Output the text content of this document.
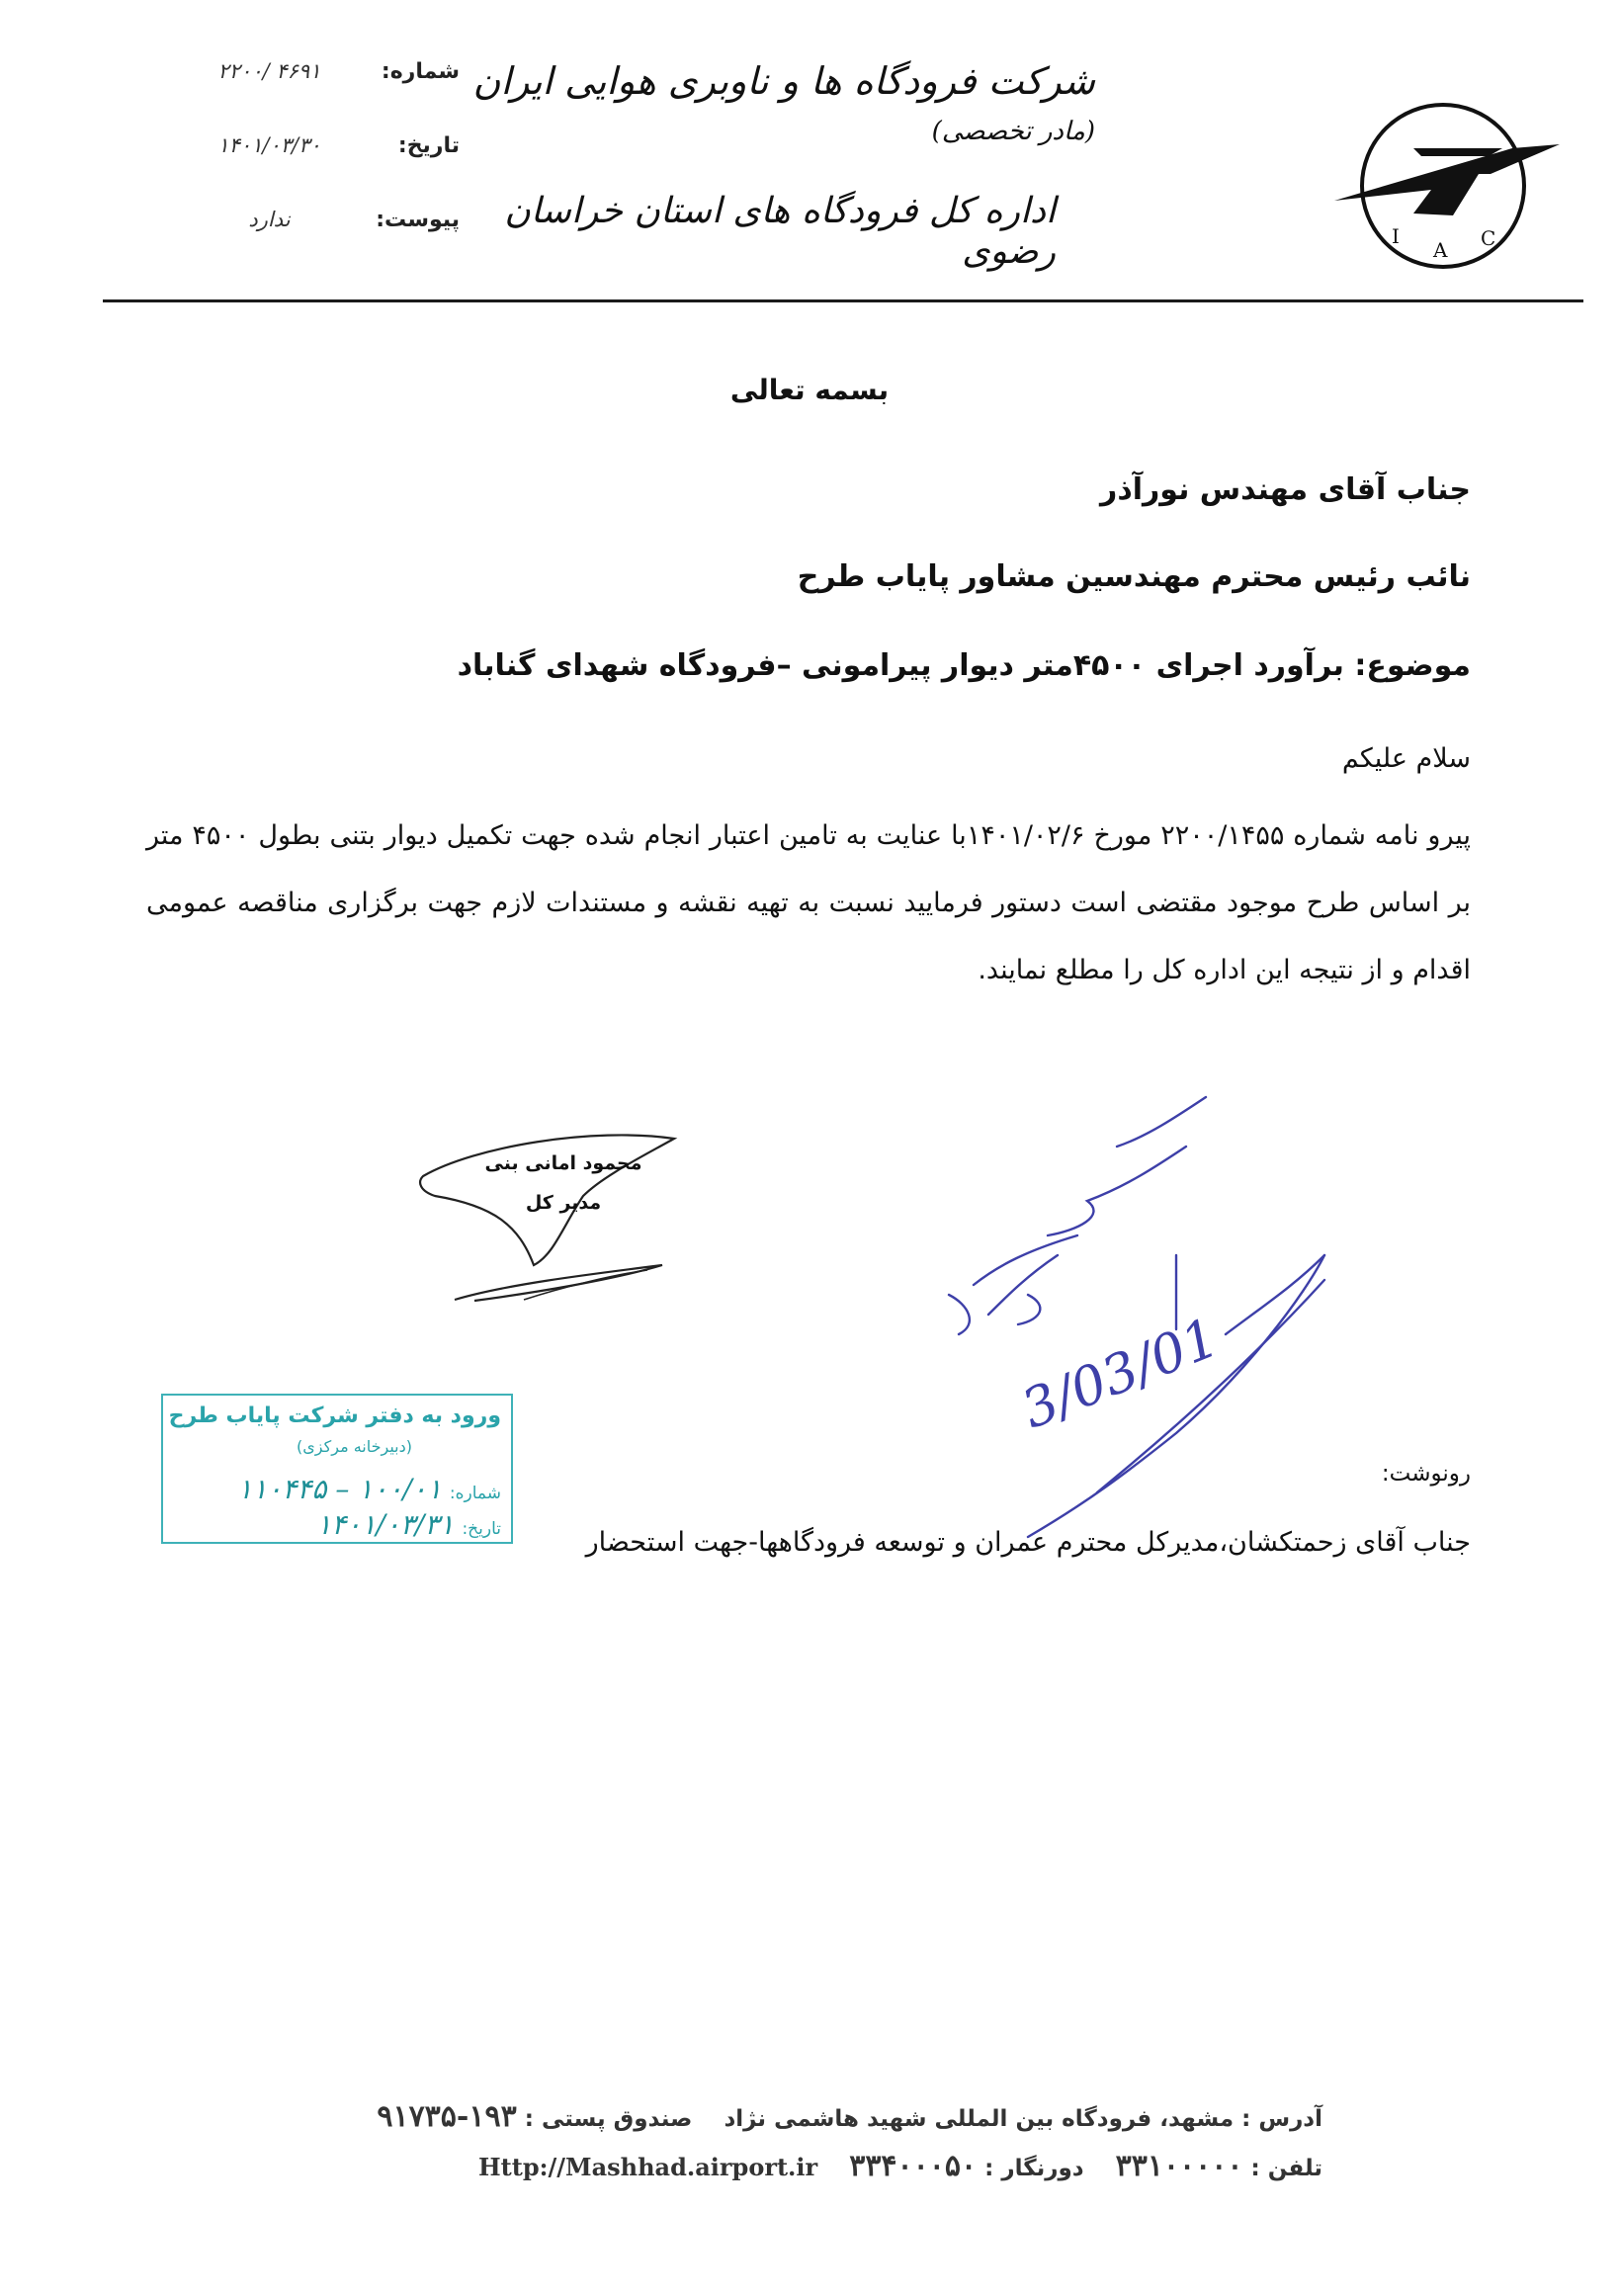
I
A C
شرکت فرودگاه ها و ناوبری هوایی ایران (مادر تخصصی)
اداره کل فرودگاه های استان خراسان رضوی
شماره:
۴۶۹۱ /۲۲۰۰
تاریخ:
۱۴۰۱/۰۳/۳۰
پیوست:
ندارد
بسمه تعالی
جناب آقای مهندس نورآذر
نائب رئیس محترم مهندسین مشاور پایاب طرح
موضوع: برآورد اجرای ۴۵۰۰متر دیوار پیرامونی –فرودگاه شهدای گناباد
سلام علیکم
پیرو نامه شماره ۲۲۰۰/۱۴۵۵ مورخ ۱۴۰۱/۰۲/۶با عنایت به تامین اعتبار انجام شده جهت تکمیل دیوار بتنی بطول ۴۵۰۰ متر بر اساس طرح موجود مقتضی است دستور فرمایید نسبت به تهیه نقشه و مستندات لازم جهت برگزاری مناقصه عمومی اقدام و از نتیجه این اداره کل را مطلع نمایند.
محمود امانی بنی
مدیر کل
3/03/01
ورود به دفتر شرکت پایاب طرح
(دبیرخانه مرکزی)
شماره:
۱۰۰/۰۱ – ۱۱۰۴۴۵
تاریخ:
۱۴۰۱/۰۳/۳۱
رونوشت:
جناب آقای زحمتکشان،مدیرکل محترم عمران و توسعه فرودگاهها-جهت استحضار
آدرس : مشهد، فرودگاه بین المللی شهید هاشمی نژاد  صندوق پستی : ۱۹۳-۹۱۷۳۵
تلفن : ۳۳۱۰۰۰۰۰  دورنگار : ۳۳۴۰۰۰۵۰  Http://Mashhad.airport.ir
